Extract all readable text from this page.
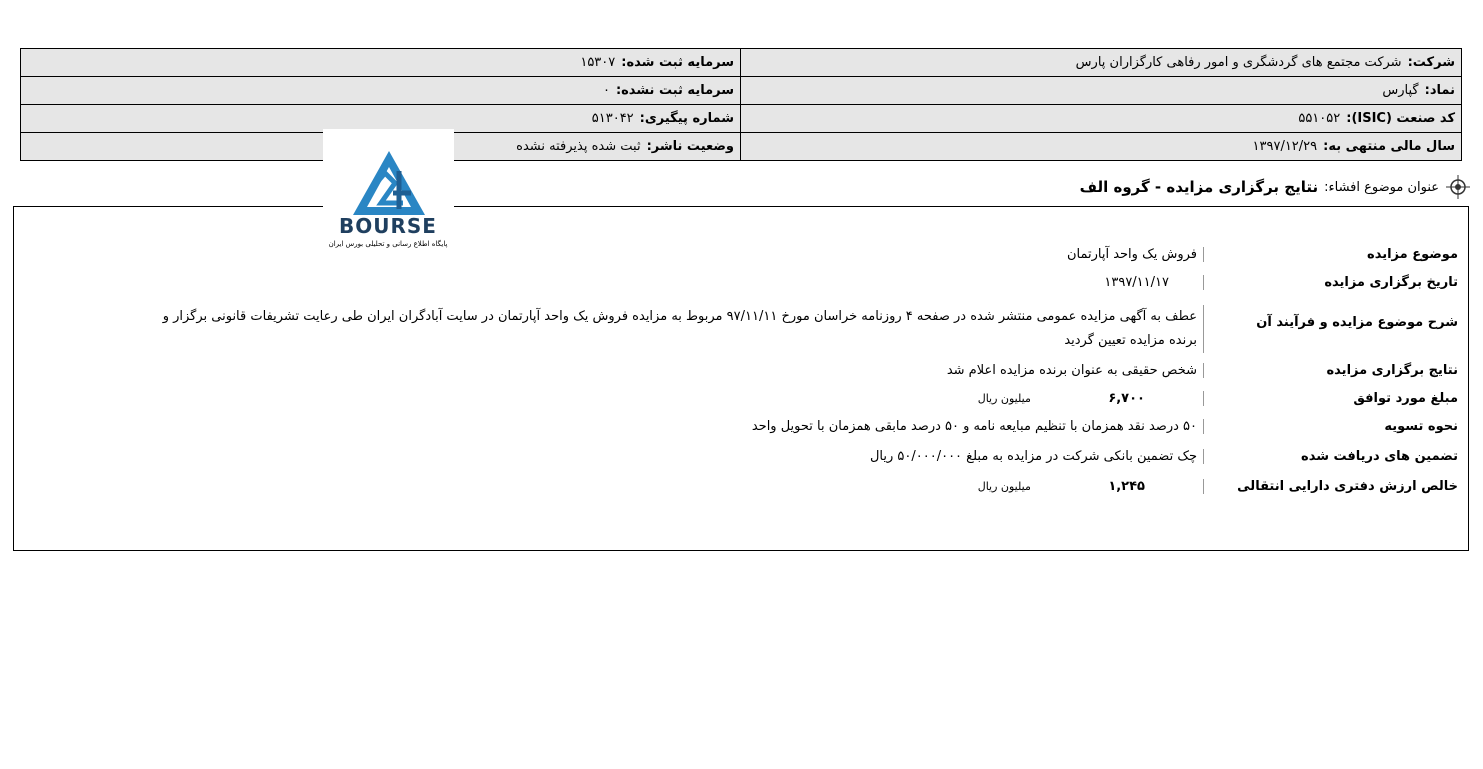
شرکت:شرکت مجتمع های گردشگری و امور رفاهی کارگزاران پارس	سرمایه ثبت شده:۱۵۳۰۷
نماد:گپارس	سرمایه ثبت نشده:۰
کد صنعت (ISIC):۵۵۱۰۵۲	شماره پیگیری:۵۱۳۰۴۲
سال مالی منتهی به:۱۳۹۷/۱۲/۲۹	وضعیت ناشر:ثبت شده پذیرفته نشده
عنوان موضوع افشاء:
نتایج برگزاری مزایده - گروه الف
موضوع مزایده
فروش یک واحد آپارتمان
تاریخ برگزاری مزایده
۱۳۹۷/۱۱/۱۷
شرح موضوع مزایده و فرآیند آن
عطف به آگهی مزایده عمومی منتشر شده در صفحه ۴ روزنامه خراسان مورخ ۹۷/۱۱/۱۱ مربوط به مزایده فروش یک واحد آپارتمان در سایت آبادگران ایران طی رعایت تشریفات قانونی برگزار و برنده مزایده تعیین گردید
نتایج برگزاری مزایده
شخص حقیقی به عنوان برنده مزایده اعلام شد
مبلغ مورد توافق
۶,۷۰۰ میلیون ریال
نحوه تسویه
۵۰ درصد نقد همزمان با تنظیم مبایعه نامه و ۵۰ درصد مابقی همزمان با تحویل واحد
تضمین های دریافت شده
چک تضمین بانکی شرکت در مزایده به مبلغ ۵۰/۰۰۰/۰۰۰ ریال
خالص ارزش دفتری دارایی انتقالی
۱,۲۴۵ میلیون ریال
BOURSE
پایگاه اطلاع رسانی و تحلیلی بورس ایران
